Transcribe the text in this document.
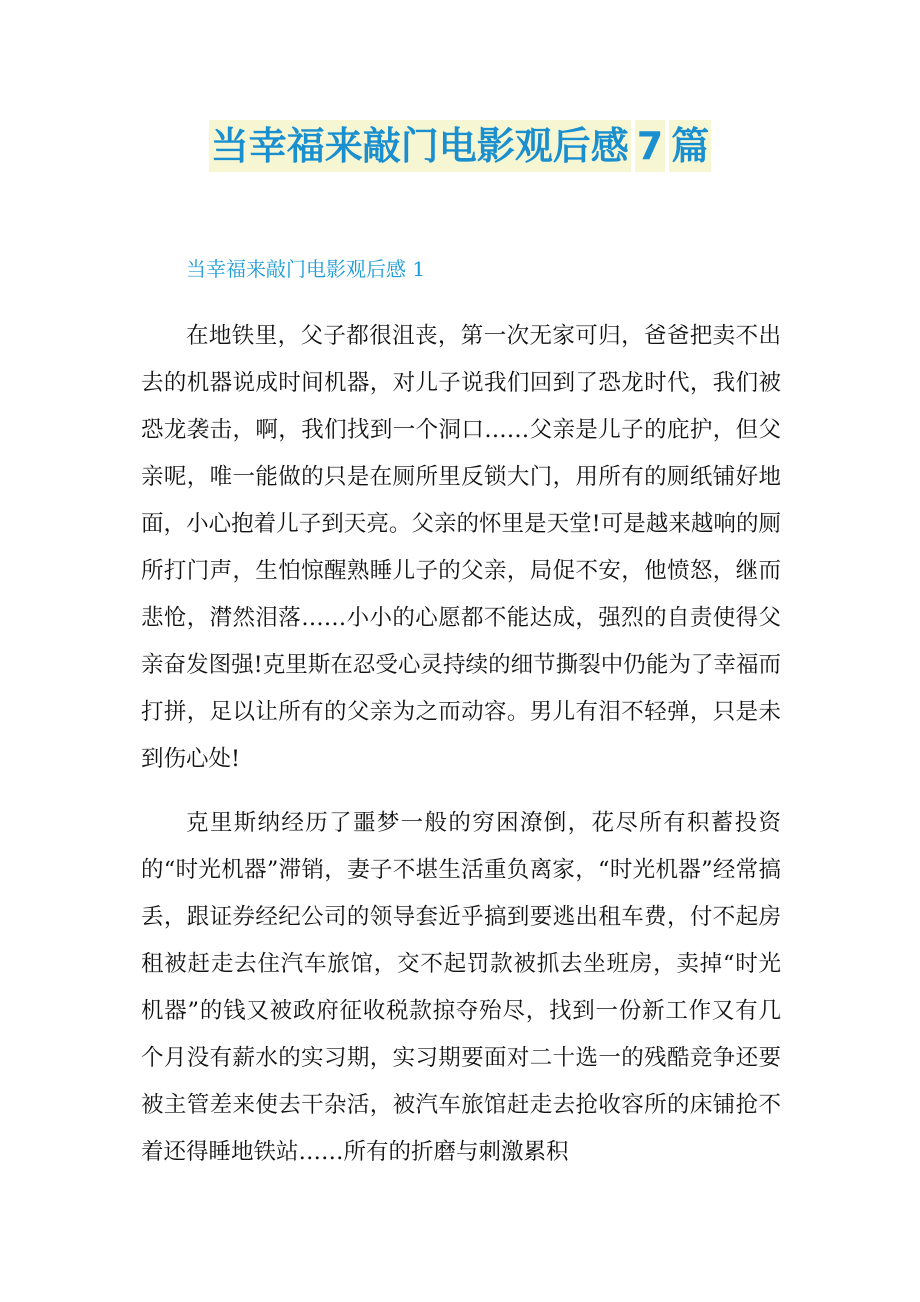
当幸福来敲门电影观后感 7 篇
当幸福来敲门电影观后感 1

在地铁里，父子都很沮丧，第一次无家可归，爸爸把卖不出去的机器说成时间机器，对儿子说我们回到了恐龙时代，我们被恐龙袭击，啊，我们找到一个洞口……父亲是儿子的庇护，但父亲呢，唯一能做的只是在厕所里反锁大门，用所有的厕纸铺好地面，小心抱着儿子到天亮。父亲的怀里是天堂!可是越来越响的厕所打门声，生怕惊醒熟睡儿子的父亲，局促不安，他愤怒，继而悲怆，潸然泪落……小小的心愿都不能达成，强烈的自责使得父亲奋发图强!克里斯在忍受心灵持续的细节撕裂中仍能为了幸福而打拼，足以让所有的父亲为之而动容。男儿有泪不轻弹，只是未到伤心处!

克里斯纳经历了噩梦一般的穷困潦倒，花尽所有积蓄投资的“时光机器”滞销，妻子不堪生活重负离家，“时光机器”经常搞丢，跟证券经纪公司的领导套近乎搞到要逃出租车费，付不起房租被赶走去住汽车旅馆，交不起罚款被抓去坐班房，卖掉“时光机器”的钱又被政府征收税款掠夺殆尽，找到一份新工作又有几个月没有薪水的实习期，实习期要面对二十选一的残酷竞争还要被主管差来使去干杂活，被汽车旅馆赶走去抢收容所的床铺抢不着还得睡地铁站……所有的折磨与刺激累积
